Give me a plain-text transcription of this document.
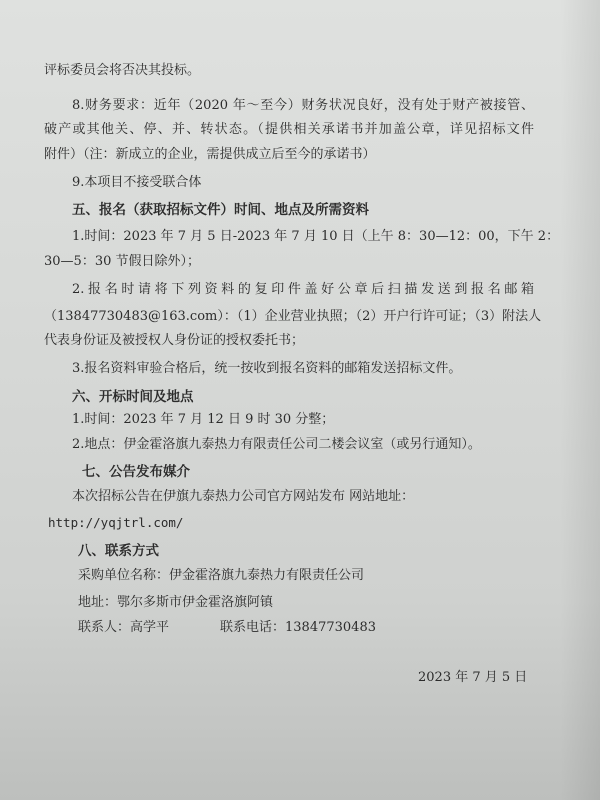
评标委员会将否决其投标。
8.财务要求：近年（2020 年～至今）财务状况良好，没有处于财产被接管、
破产或其他关、停、并、转状态。（提供相关承诺书并加盖公章，详见招标文件
附件）（注：新成立的企业，需提供成立后至今的承诺书）
9.本项目不接受联合体
五、报名（获取招标文件）时间、地点及所需资料
1.时间：2023 年 7 月 5 日-2023 年 7 月 10 日（上午 8：30—12：00，下午 2：
30—5：30 节假日除外）；
2.报名时请将下列资料的复印件盖好公章后扫描发送到报名邮箱
（13847730483@163.com）：（1）企业营业执照；（2）开户行许可证；（3）附法人
代表身份证及被授权人身份证的授权委托书；
3.报名资料审验合格后，统一按收到报名资料的邮箱发送招标文件。
六、开标时间及地点
1.时间：2023 年 7 月 12 日 9 时 30 分整；
2.地点：伊金霍洛旗九泰热力有限责任公司二楼会议室（或另行通知）。
七、公告发布媒介
本次招标公告在伊旗九泰热力公司官方网站发布 网站地址：
http://yqjtrl.com/
八、联系方式
采购单位名称：伊金霍洛旗九泰热力有限责任公司
地址：鄂尔多斯市伊金霍洛旗阿镇
联系人：高学平	联系电话：13847730483
2023 年 7 月 5 日
